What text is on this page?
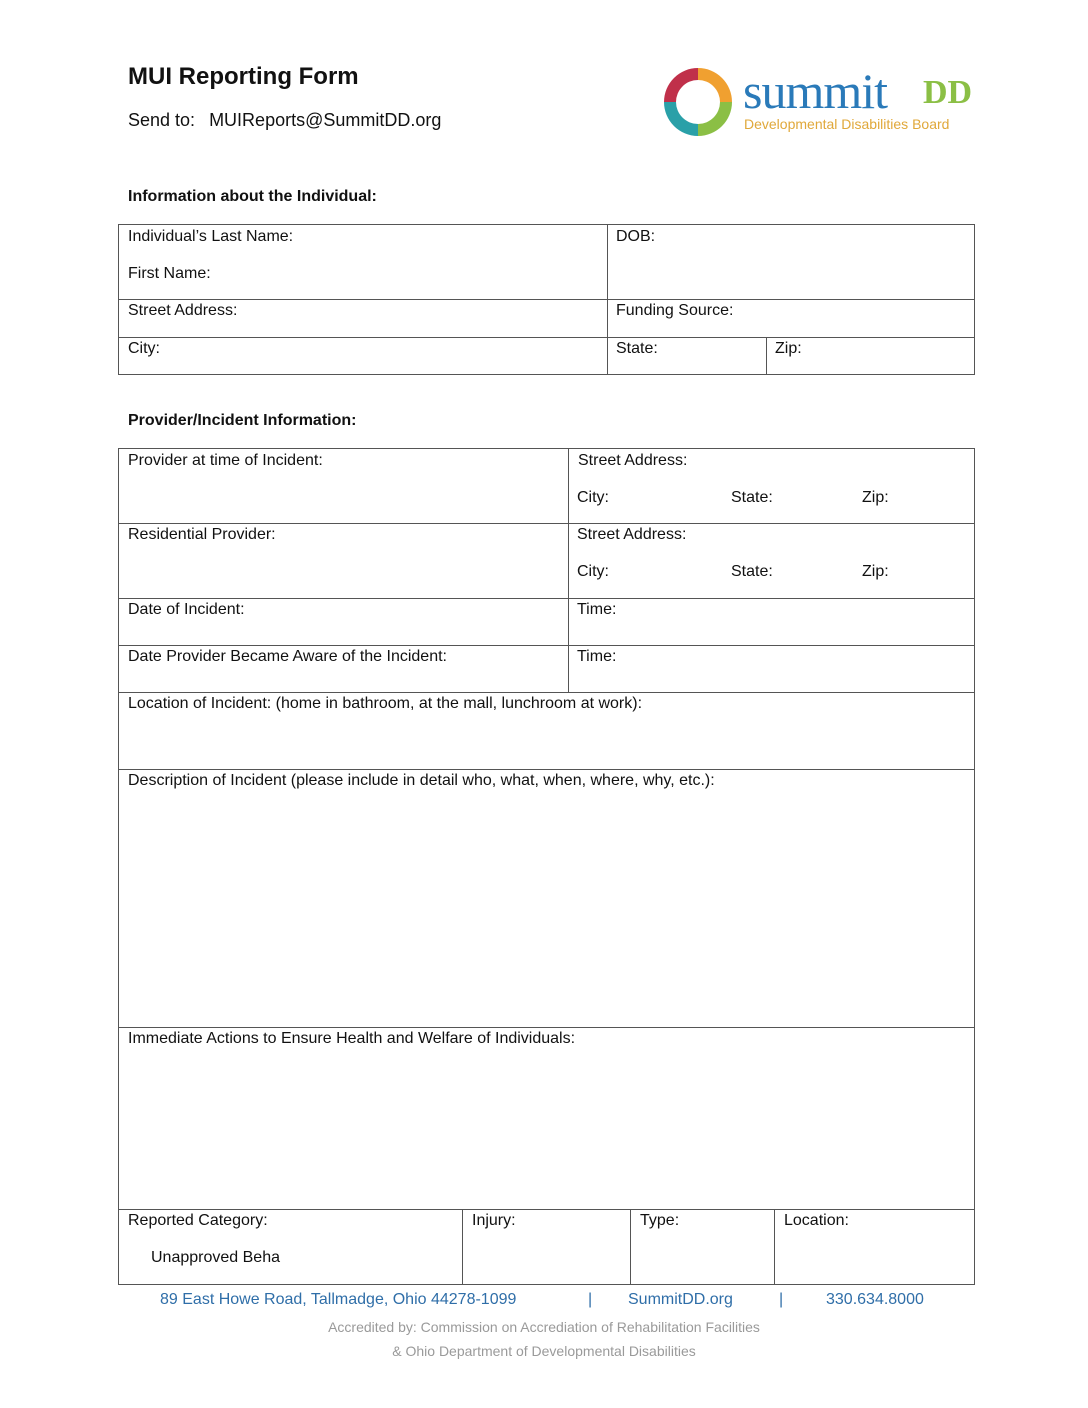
MUI Reporting Form
Send to: MUIReports@SummitDD.org
summit DD
Developmental Disabilities Board
Information about the Individual:
Individual’s Last Name:
First Name:
DOB:
Street Address:	Funding Source:
City:	State:	Zip:
Provider/Incident Information:
Provider at time of Incident:	Street Address:
City:	State:	Zip:
Residential Provider:	Street Address:
City:	State:	Zip:
Date of Incident:	Time:
Date Provider Became Aware of the Incident:	Time:
Location of Incident: (home in bathroom, at the mall, lunchroom at work):
Description of Incident (please include in detail who, what, when, where, why, etc.):
Immediate Actions to Ensure Health and Welfare of Individuals:
Reported Category:
Unapproved Beha
Injury:	Type:	Location:
89 East Howe Road, Tallmadge, Ohio 44278-1099	| SummitDD.org	|	330.634.8000
Accredited by: Commission on Accrediation of Rehabilitation Facilities
& Ohio Department of Developmental Disabilities
